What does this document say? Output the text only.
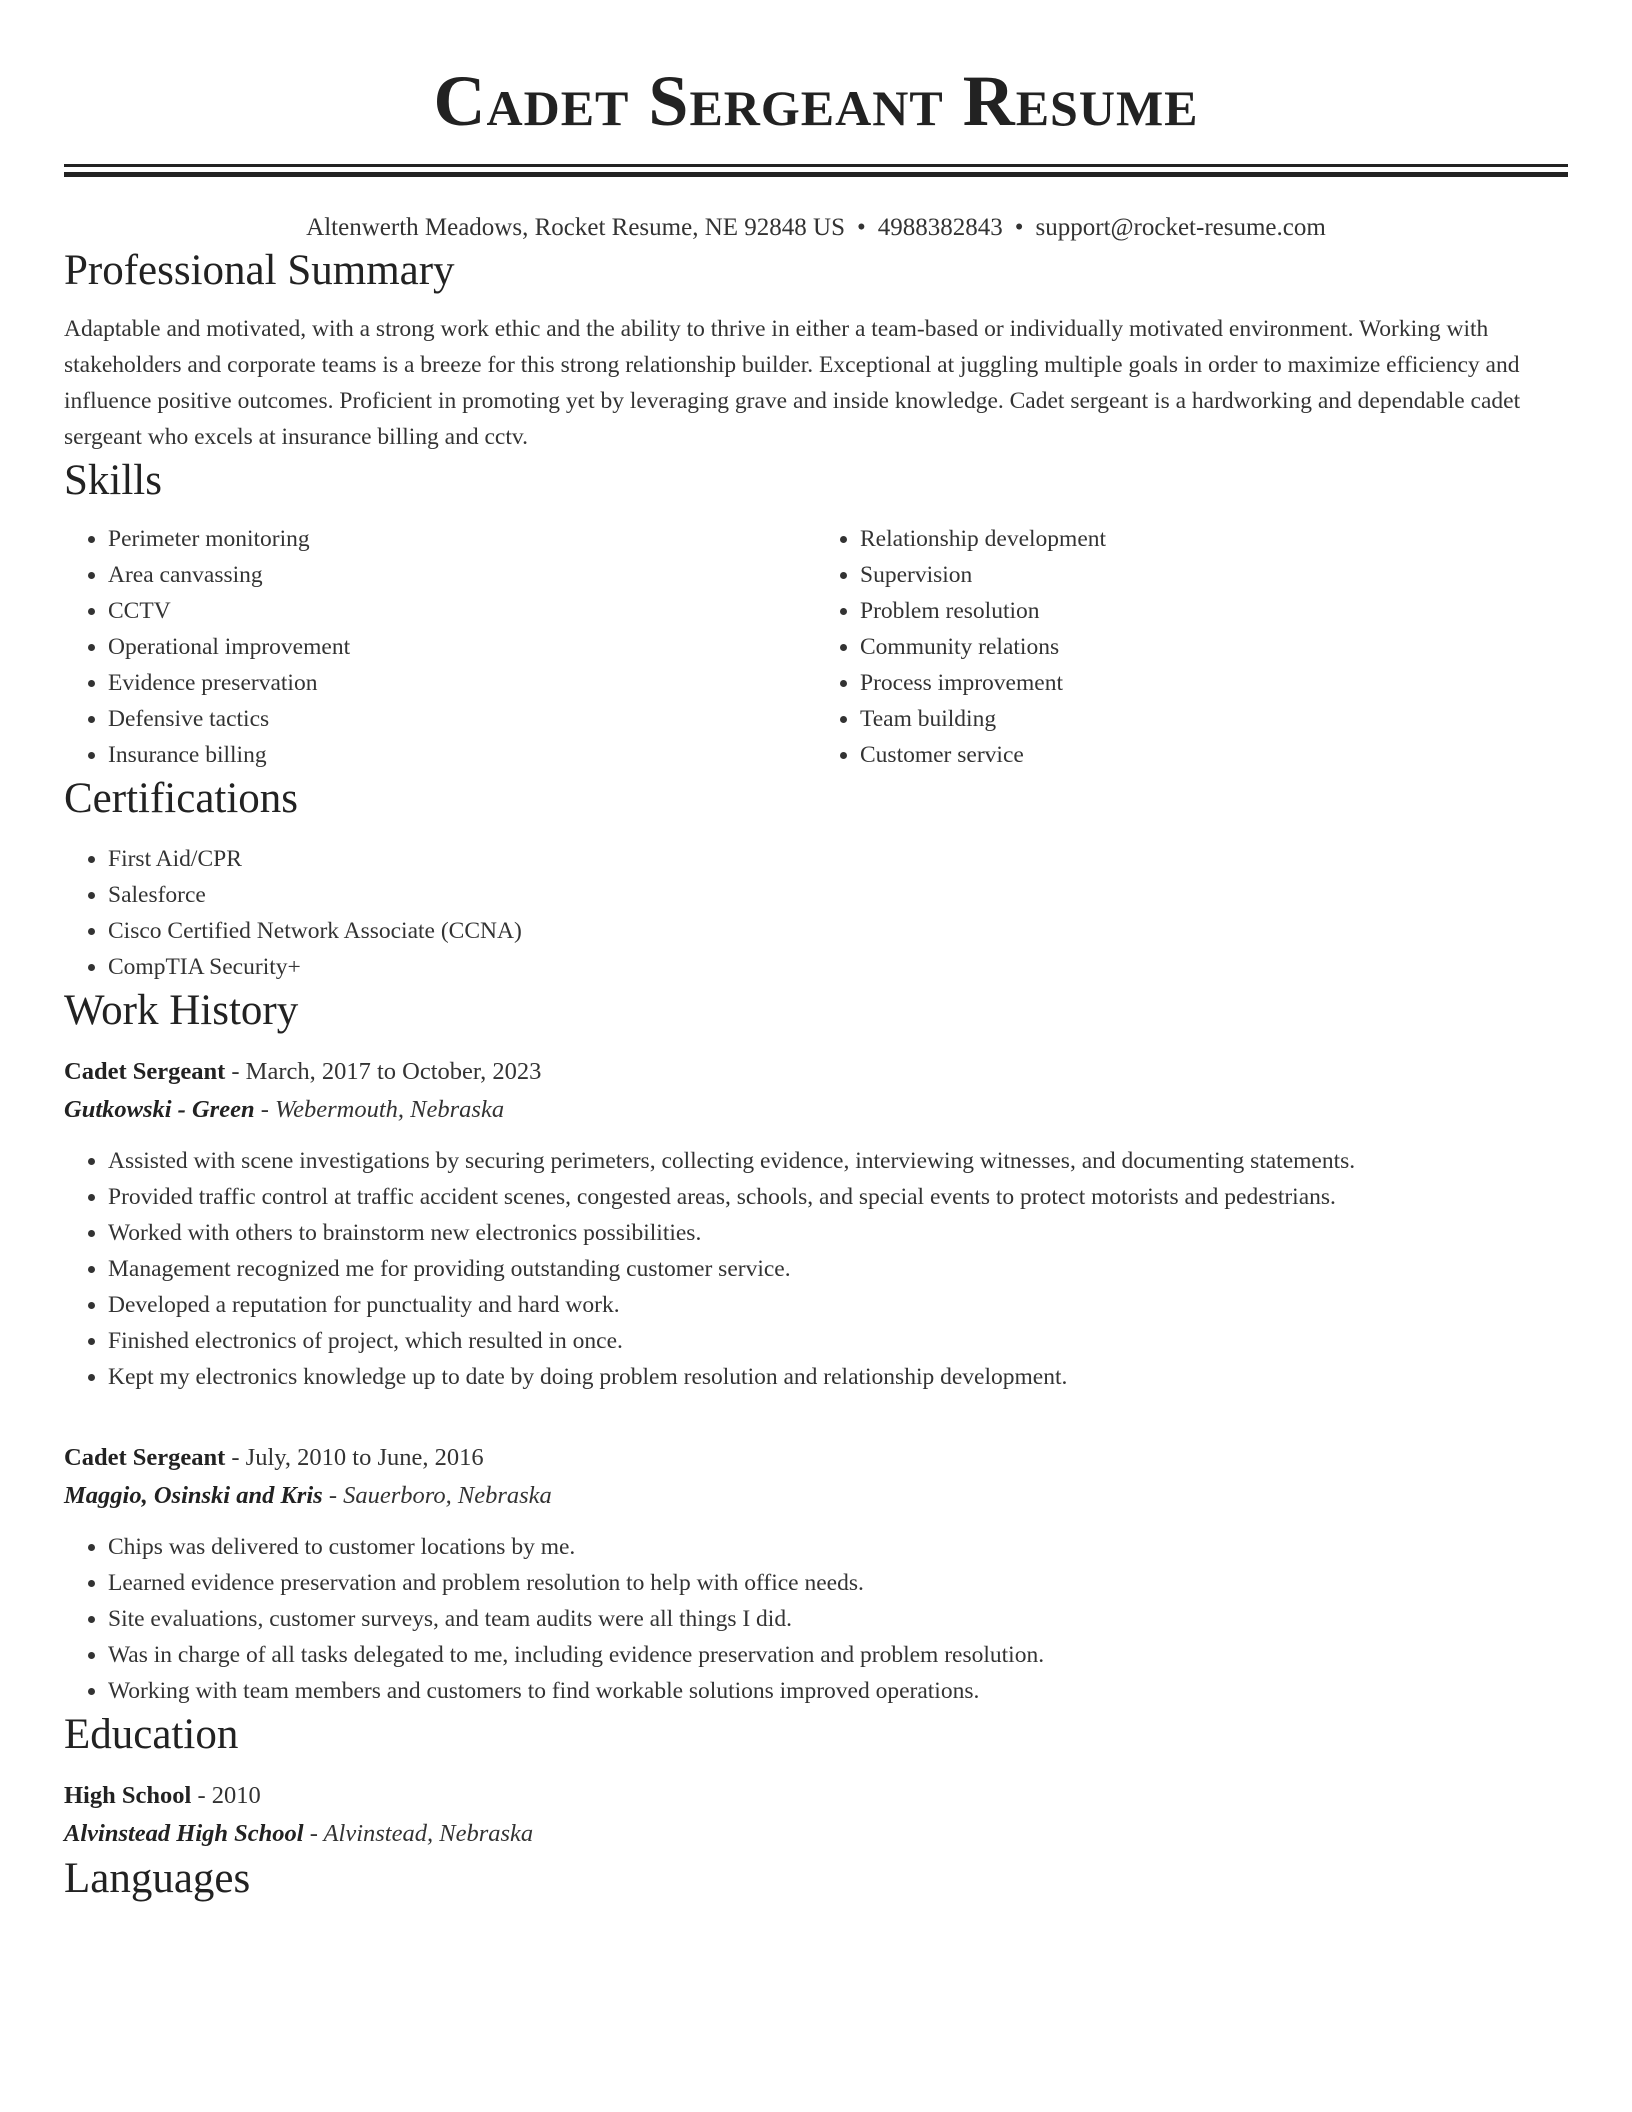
Cadet Sergeant Resume
Altenwerth Meadows, Rocket Resume, NE 92848 US • 4988382843 • support@rocket-resume.com
Professional Summary

Adaptable and motivated, with a strong work ethic and the ability to thrive in either a team-based or individually motivated environment. Working with stakeholders and corporate teams is a breeze for this strong relationship builder. Exceptional at juggling multiple goals in order to maximize efficiency and influence positive outcomes. Proficient in promoting yet by leveraging grave and inside knowledge. Cadet sergeant is a hardworking and dependable cadet sergeant who excels at insurance billing and cctv.

Skills
• Perimeter monitoring
• Area canvassing
• CCTV
• Operational improvement
• Evidence preservation
• Defensive tactics
• Insurance billing
• Relationship development
• Supervision
• Problem resolution
• Community relations
• Process improvement
• Team building
• Customer service
Certifications
• First Aid/CPR
• Salesforce
• Cisco Certified Network Associate (CCNA)
• CompTIA Security+
Work History
Cadet Sergeant - March, 2017 to October, 2023
Gutkowski - Green - Webermouth, Nebraska
• Assisted with scene investigations by securing perimeters, collecting evidence, interviewing witnesses, and documenting statements.
• Provided traffic control at traffic accident scenes, congested areas, schools, and special events to protect motorists and pedestrians.
• Worked with others to brainstorm new electronics possibilities.
• Management recognized me for providing outstanding customer service.
• Developed a reputation for punctuality and hard work.
• Finished electronics of project, which resulted in once.
• Kept my electronics knowledge up to date by doing problem resolution and relationship development.
Cadet Sergeant - July, 2010 to June, 2016
Maggio, Osinski and Kris - Sauerboro, Nebraska
• Chips was delivered to customer locations by me.
• Learned evidence preservation and problem resolution to help with office needs.
• Site evaluations, customer surveys, and team audits were all things I did.
• Was in charge of all tasks delegated to me, including evidence preservation and problem resolution.
• Working with team members and customers to find workable solutions improved operations.
Education
High School - 2010
Alvinstead High School - Alvinstead, Nebraska
Languages
